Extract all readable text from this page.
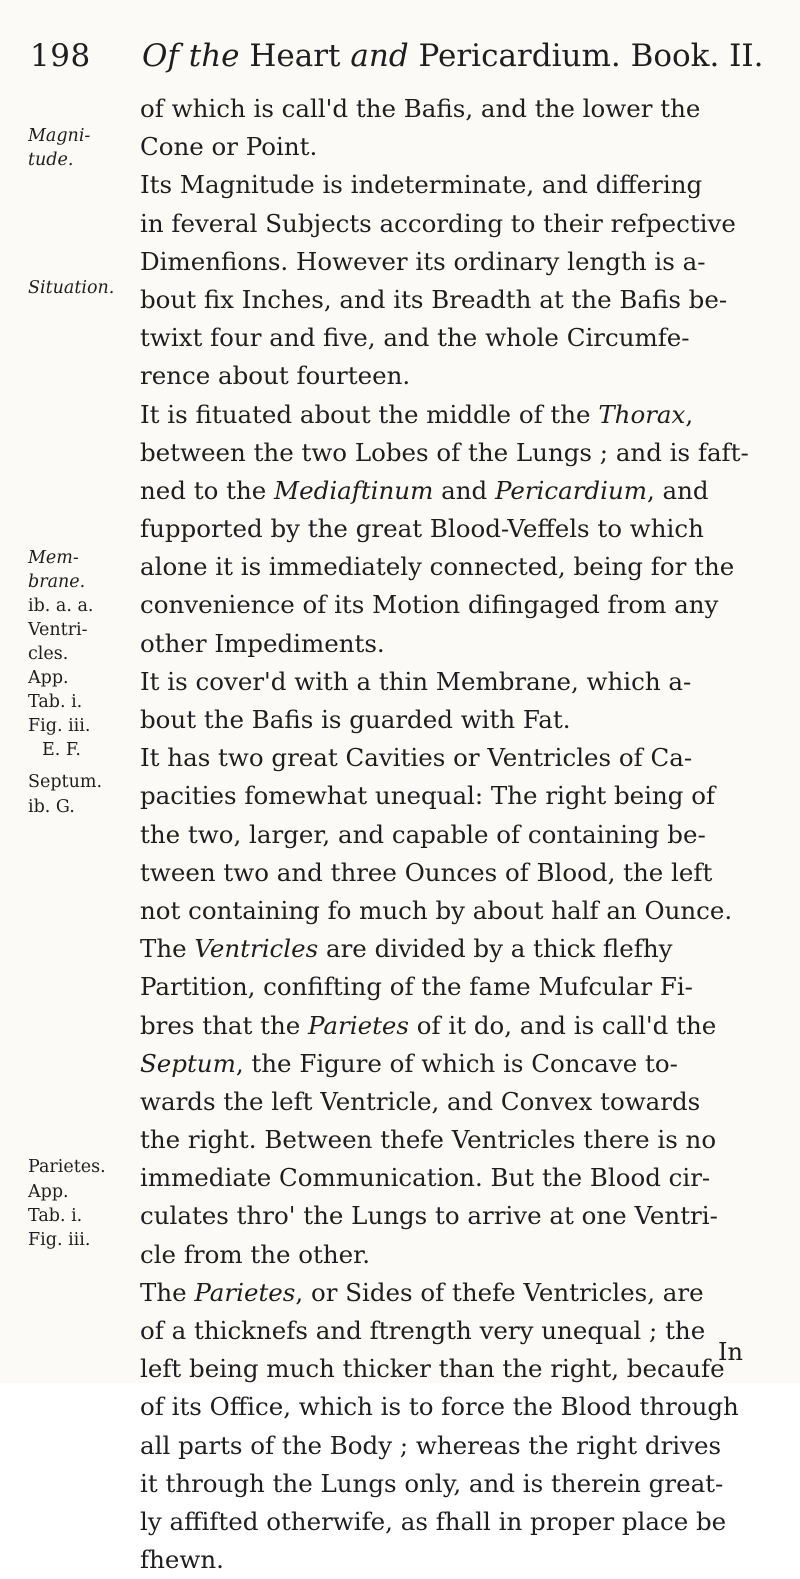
198 Of the Heart and Pericardium. Book. II.
Magni-
tude.
Situation.
Mem-
brane.
ib. a. a.
Ventri-
cles.
App.
Tab. i.
Fig. iii.
E. F.
Septum.
ib. G.
Parietes.
App.
Tab. i.
Fig. iii.
of which is call'd the Bafis, and the lower the
Cone or Point.
Its Magnitude is indeterminate, and differing
in feveral Subjects according to their refpective
Dimenfions. However its ordinary length is a-
bout fix Inches, and its Breadth at the Bafis be-
twixt four and five, and the whole Circumfe-
rence about fourteen.
It is fituated about the middle of the Thorax,
between the two Lobes of the Lungs ; and is faft-
ned to the Mediaftinum and Pericardium, and
fupported by the great Blood-Veffels to which
alone it is immediately connected, being for the
convenience of its Motion difingaged from any
other Impediments.
It is cover'd with a thin Membrane, which a-
bout the Bafis is guarded with Fat.
It has two great Cavities or Ventricles of Ca-
pacities fomewhat unequal: The right being of
the two, larger, and capable of containing be-
tween two and three Ounces of Blood, the left
not containing fo much by about half an Ounce.
The Ventricles are divided by a thick flefhy
Partition, confifting of the fame Mufcular Fi-
bres that the Parietes of it do, and is call'd the
Septum, the Figure of which is Concave to-
wards the left Ventricle, and Convex towards
the right. Between thefe Ventricles there is no
immediate Communication. But the Blood cir-
culates thro' the Lungs to arrive at one Ventri-
cle from the other.
The Parietes, or Sides of thefe Ventricles, are
of a thicknefs and ftrength very unequal ; the
left being much thicker than the right, becaufe
of its Office, which is to force the Blood through
all parts of the Body ; whereas the right drives
it through the Lungs only, and is therein great-
ly affifted otherwife, as fhall in proper place be
fhewn.
In
